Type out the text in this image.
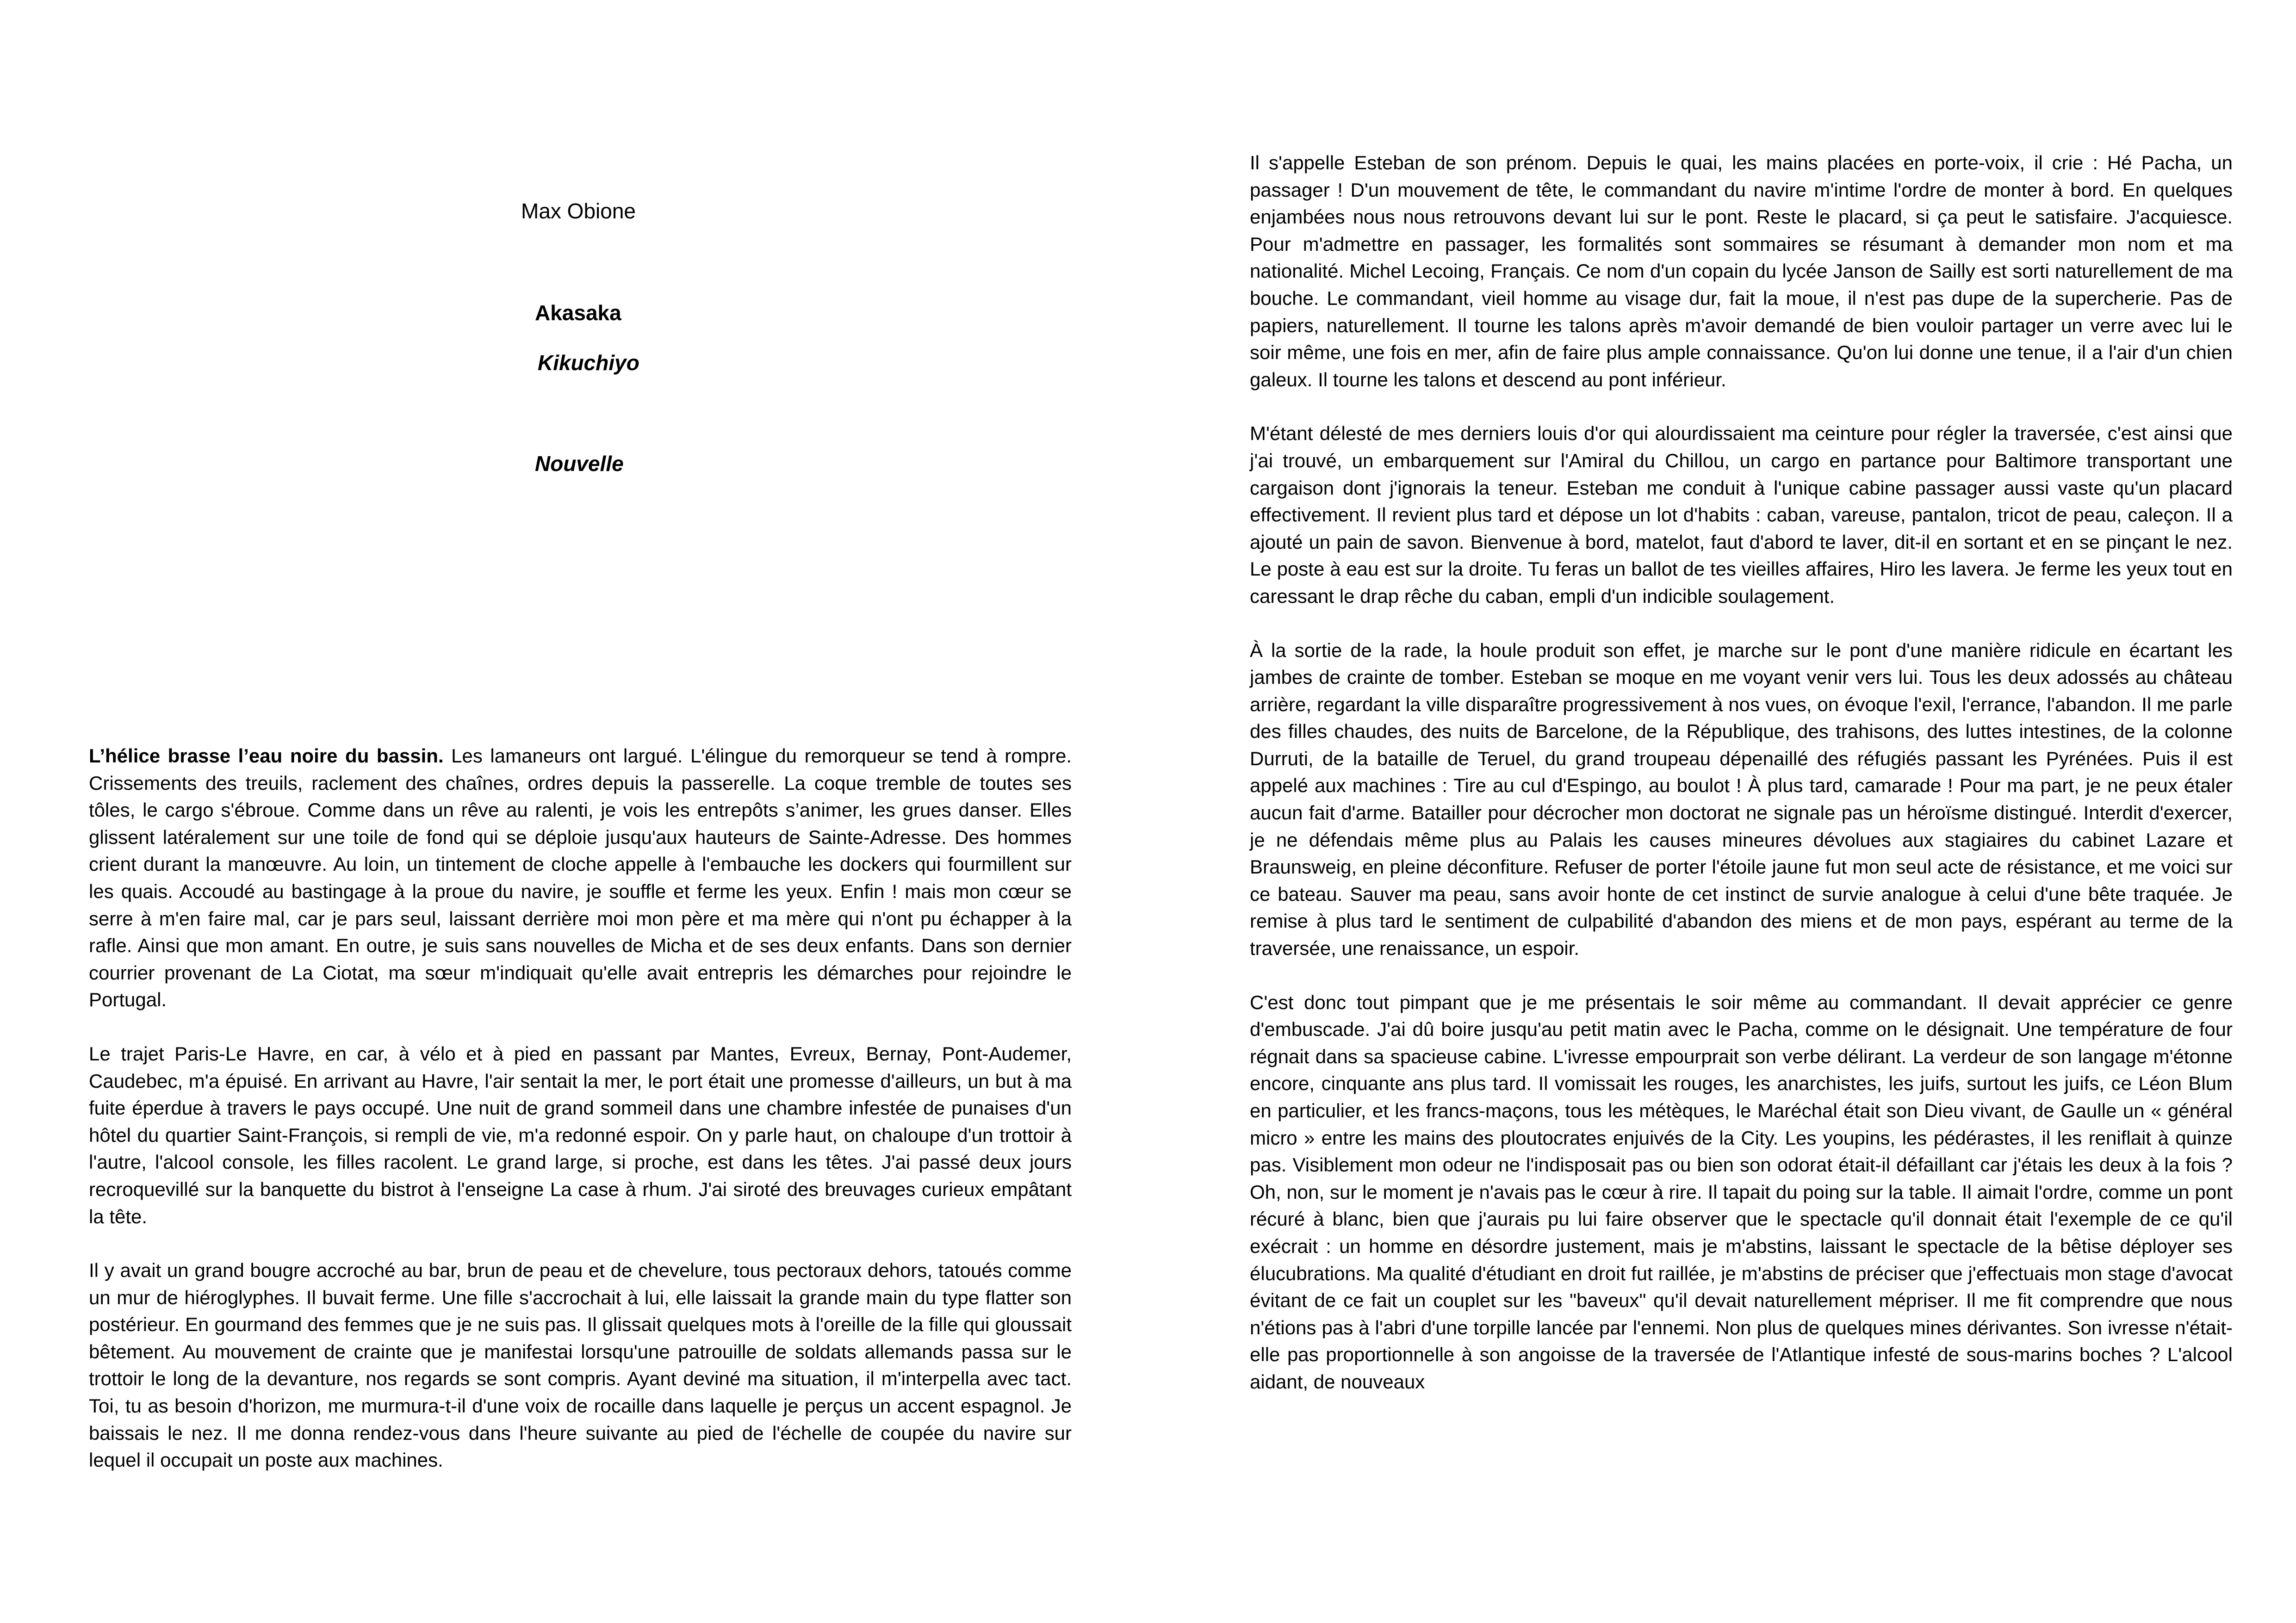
Max Obione
Akasaka
Kikuchiyo
Nouvelle

L’hélice brasse l’eau noire du bassin. Les lamaneurs ont largué. L'élingue du remorqueur se tend à rompre. Crissements des treuils, raclement des chaînes, ordres depuis la passerelle. La coque tremble de toutes ses tôles, le cargo s'ébroue. Comme dans un rêve au ralenti, je vois les entrepôts s’animer, les grues danser. Elles glissent latéralement sur une toile de fond qui se déploie jusqu'aux hauteurs de Sainte-Adresse. Des hommes crient durant la manœuvre. Au loin, un tintement de cloche appelle à l'embauche les dockers qui fourmillent sur les quais. Accoudé au bastingage à la proue du navire, je souffle et ferme les yeux. Enfin ! mais mon cœur se serre à m'en faire mal, car je pars seul, laissant derrière moi mon père et ma mère qui n'ont pu échapper à la rafle. Ainsi que mon amant. En outre, je suis sans nouvelles de Micha et de ses deux enfants. Dans son dernier courrier provenant de La Ciotat, ma sœur m'indiquait qu'elle avait entrepris les démarches pour rejoindre le Portugal.

Le trajet Paris-Le Havre, en car, à vélo et à pied en passant par Mantes, Evreux, Bernay, Pont-Audemer, Caudebec, m'a épuisé. En arrivant au Havre, l'air sentait la mer, le port était une promesse d'ailleurs, un but à ma fuite éperdue à travers le pays occupé. Une nuit de grand sommeil dans une chambre infestée de punaises d'un hôtel du quartier Saint-François, si rempli de vie, m'a redonné espoir. On y parle haut, on chaloupe d'un trottoir à l'autre, l'alcool console, les filles racolent. Le grand large, si proche, est dans les têtes. J'ai passé deux jours recroquevillé sur la banquette du bistrot à l'enseigne La case à rhum. J'ai siroté des breuvages curieux empâtant la tête.

Il y avait un grand bougre accroché au bar, brun de peau et de chevelure, tous pectoraux dehors, tatoués comme un mur de hiéroglyphes. Il buvait ferme. Une fille s'accrochait à lui, elle laissait la grande main du type flatter son postérieur. En gourmand des femmes que je ne suis pas. Il glissait quelques mots à l'oreille de la fille qui gloussait bêtement. Au mouvement de crainte que je manifestai lorsqu'une patrouille de soldats allemands passa sur le trottoir le long de la devanture, nos regards se sont compris. Ayant deviné ma situation, il m'interpella avec tact. Toi, tu as besoin d'horizon, me murmura-t-il d'une voix de rocaille dans laquelle je perçus un accent espagnol. Je baissais le nez. Il me donna rendez-vous dans l'heure suivante au pied de l'échelle de coupée du navire sur lequel il occupait un poste aux machines.

Il s'appelle Esteban de son prénom. Depuis le quai, les mains placées en porte-voix, il crie : Hé Pacha, un passager ! D'un mouvement de tête, le commandant du navire m'intime l'ordre de monter à bord. En quelques enjambées nous nous retrouvons devant lui sur le pont. Reste le placard, si ça peut le satisfaire. J'acquiesce. Pour m'admettre en passager, les formalités sont sommaires se résumant à demander mon nom et ma nationalité. Michel Lecoing, Français. Ce nom d'un copain du lycée Janson de Sailly est sorti naturellement de ma bouche. Le commandant, vieil homme au visage dur, fait la moue, il n'est pas dupe de la supercherie. Pas de papiers, naturellement. Il tourne les talons après m'avoir demandé de bien vouloir partager un verre avec lui le soir même, une fois en mer, afin de faire plus ample connaissance. Qu'on lui donne une tenue, il a l'air d'un chien galeux. Il tourne les talons et descend au pont inférieur.

M'étant délesté de mes derniers louis d'or qui alourdissaient ma ceinture pour régler la traversée, c'est ainsi que j'ai trouvé, un embarquement sur l'Amiral du Chillou, un cargo en partance pour Baltimore transportant une cargaison dont j'ignorais la teneur. Esteban me conduit à l'unique cabine passager aussi vaste qu'un placard effectivement. Il revient plus tard et dépose un lot d'habits : caban, vareuse, pantalon, tricot de peau, caleçon. Il a ajouté un pain de savon. Bienvenue à bord, matelot, faut d'abord te laver, dit-il en sortant et en se pinçant le nez. Le poste à eau est sur la droite. Tu feras un ballot de tes vieilles affaires, Hiro les lavera. Je ferme les yeux tout en caressant le drap rêche du caban, empli d'un indicible soulagement.

À la sortie de la rade, la houle produit son effet, je marche sur le pont d'une manière ridicule en écartant les jambes de crainte de tomber. Esteban se moque en me voyant venir vers lui. Tous les deux adossés au château arrière, regardant la ville disparaître progressivement à nos vues, on évoque l'exil, l'errance, l'abandon. Il me parle des filles chaudes, des nuits de Barcelone, de la République, des trahisons, des luttes intestines, de la colonne Durruti, de la bataille de Teruel, du grand troupeau dépenaillé des réfugiés passant les Pyrénées. Puis il est appelé aux machines : Tire au cul d'Espingo, au boulot ! À plus tard, camarade ! Pour ma part, je ne peux étaler aucun fait d'arme. Batailler pour décrocher mon doctorat ne signale pas un héroïsme distingué. Interdit d'exercer, je ne défendais même plus au Palais les causes mineures dévolues aux stagiaires du cabinet Lazare et Braunsweig, en pleine déconfiture. Refuser de porter l'étoile jaune fut mon seul acte de résistance, et me voici sur ce bateau. Sauver ma peau, sans avoir honte de cet instinct de survie analogue à celui d'une bête traquée. Je remise à plus tard le sentiment de culpabilité d'abandon des miens et de mon pays, espérant au terme de la traversée, une renaissance, un espoir.

C'est donc tout pimpant que je me présentais le soir même au commandant. Il devait apprécier ce genre d'embuscade. J'ai dû boire jusqu'au petit matin avec le Pacha, comme on le désignait. Une température de four régnait dans sa spacieuse cabine. L'ivresse empourprait son verbe délirant. La verdeur de son langage m'étonne encore, cinquante ans plus tard. Il vomissait les rouges, les anarchistes, les juifs, surtout les juifs, ce Léon Blum en particulier, et les francs-maçons, tous les métèques, le Maréchal était son Dieu vivant, de Gaulle un « général micro » entre les mains des ploutocrates enjuivés de la City. Les youpins, les pédérastes, il les reniflait à quinze pas. Visiblement mon odeur ne l'indisposait pas ou bien son odorat était-il défaillant car j'étais les deux à la fois ? Oh, non, sur le moment je n'avais pas le cœur à rire. Il tapait du poing sur la table. Il aimait l'ordre, comme un pont récuré à blanc, bien que j'aurais pu lui faire observer que le spectacle qu'il donnait était l'exemple de ce qu'il exécrait : un homme en désordre justement, mais je m'abstins, laissant le spectacle de la bêtise déployer ses élucubrations. Ma qualité d'étudiant en droit fut raillée, je m'abstins de préciser que j'effectuais mon stage d'avocat évitant de ce fait un couplet sur les "baveux" qu'il devait naturellement mépriser. Il me fit comprendre que nous n'étions pas à l'abri d'une torpille lancée par l'ennemi. Non plus de quelques mines dérivantes. Son ivresse n'était-elle pas proportionnelle à son angoisse de la traversée de l'Atlantique infesté de sous-marins boches ? L'alcool aidant, de nouveaux
